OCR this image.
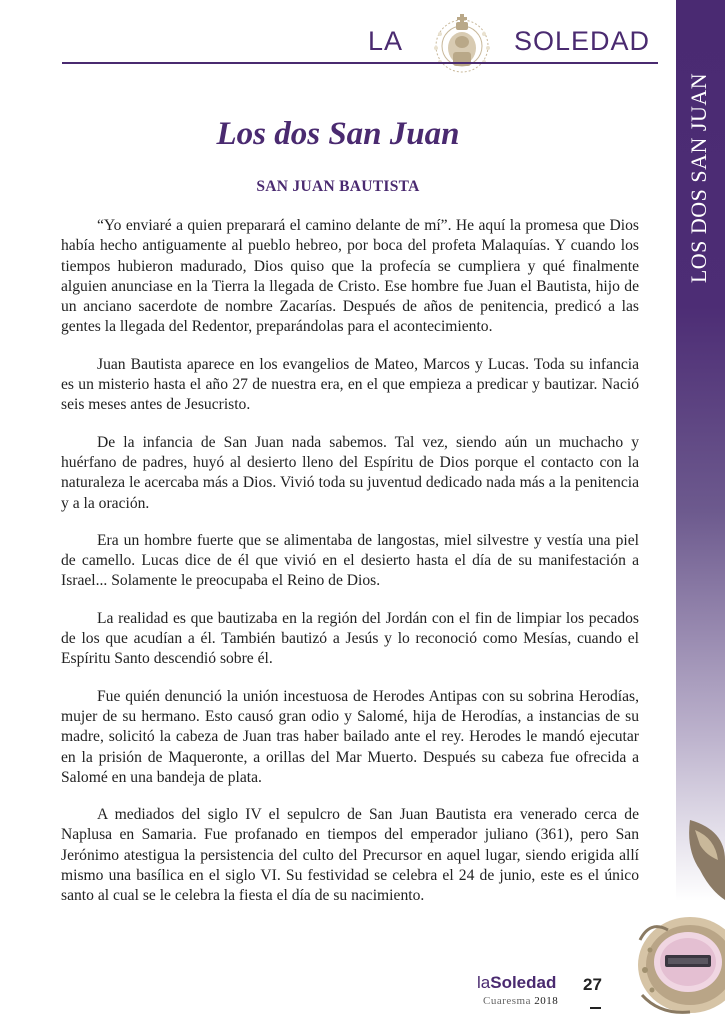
LA	SOLEDAD
LOS DOS SAN JUAN
Los dos San Juan
SAN JUAN BAUTISTA

“Yo enviaré a quien preparará el camino delante de mí”. He aquí la promesa que Dios había hecho antiguamente al pueblo hebreo, por boca del profeta Malaquías. Y cuando los tiempos hubieron madurado, Dios quiso que la profecía se cumpliera y qué finalmente alguien anunciase en la Tierra la llegada de Cristo. Ese hombre fue Juan el Bautista, hijo de un anciano sacerdote de nombre Zacarías. Después de años de penitencia, predicó a las gentes la llegada del Redentor, preparándolas para el acontecimiento.

Juan Bautista aparece en los evangelios de Mateo, Marcos y Lucas. Toda su infancia es un misterio hasta el año 27 de nuestra era, en el que empieza a predicar y bautizar. Nació seis meses antes de Jesucristo.

De la infancia de San Juan nada sabemos. Tal vez, siendo aún un muchacho y huérfano de padres, huyó al desierto lleno del Espíritu de Dios porque el contacto con la naturaleza le acercaba más a Dios. Vivió toda su juventud dedicado nada más a la penitencia y a la oración.

Era un hombre fuerte que se alimentaba de langostas, miel silvestre y vestía una piel de camello. Lucas dice de él que vivió en el desierto hasta el día de su manifestación a Israel... Solamente le preocupaba el Reino de Dios.

La realidad es que bautizaba en la región del Jordán con el fin de limpiar los pecados de los que acudían a él. También bautizó a Jesús y lo reconoció como Mesías, cuando el Espíritu Santo descendió sobre él.

Fue quién denunció la unión incestuosa de Herodes Antipas con su sobrina Herodías, mujer de su hermano. Esto causó gran odio y Salomé, hija de Herodías, a instancias de su madre, solicitó la cabeza de Juan tras haber bailado ante el rey. Herodes le mandó ejecutar en la prisión de Maqueronte, a orillas del Mar Muerto. Después su cabeza fue ofrecida a Salomé en una bandeja de plata.

A mediados del siglo IV el sepulcro de San Juan Bautista era venerado cerca de Naplusa en Samaria. Fue profanado en tiempos del emperador juliano (361), pero San Jerónimo atestigua la persistencia del culto del Precursor en aquel lugar, siendo erigida allí mismo una basílica en el siglo VI. Su festividad se celebra el 24 de junio, este es el único santo al cual se le celebra la fiesta el día de su nacimiento.

laSoledad
Cuaresma 2018
27
